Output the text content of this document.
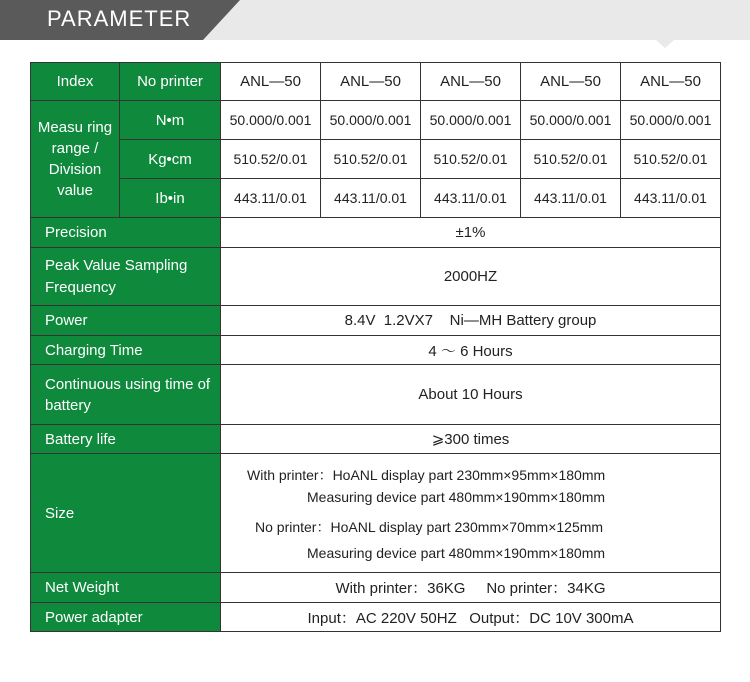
PARAMETER
Index	No printer	ANL—50	ANL—50	ANL—50	ANL—50	ANL—50
Measu ring range / Division value	N•m	50.000/0.001	50.000/0.001	50.000/0.001	50.000/0.001	50.000/0.001
	Kg•cm	510.52/0.01	510.52/0.01	510.52/0.01	510.52/0.01	510.52/0.01
	Ib•in	443.11/0.01	443.11/0.01	443.11/0.01	443.11/0.01	443.11/0.01
Precision		±1%				
Peak Value Sampling Frequency		2000HZ				
Power		8.4V  1.2VX7    Ni—MH Battery group				
Charging Time		4 ～ 6 Hours				
Continuous using time of battery		About 10 Hours				
Battery life		⩾300 times				
Size		With printer：HoANL display part 230mm×95mm×180mm
Measuring device part 480mm×190mm×180mm
No printer：HoANL display part 230mm×70mm×125mm
Measuring device part 480mm×190mm×180mm				

Net Weight		With printer：36KG     No printer：34KG				
Power adapter		Input：AC 220V 50HZ   Output：DC 10V 300mA				
